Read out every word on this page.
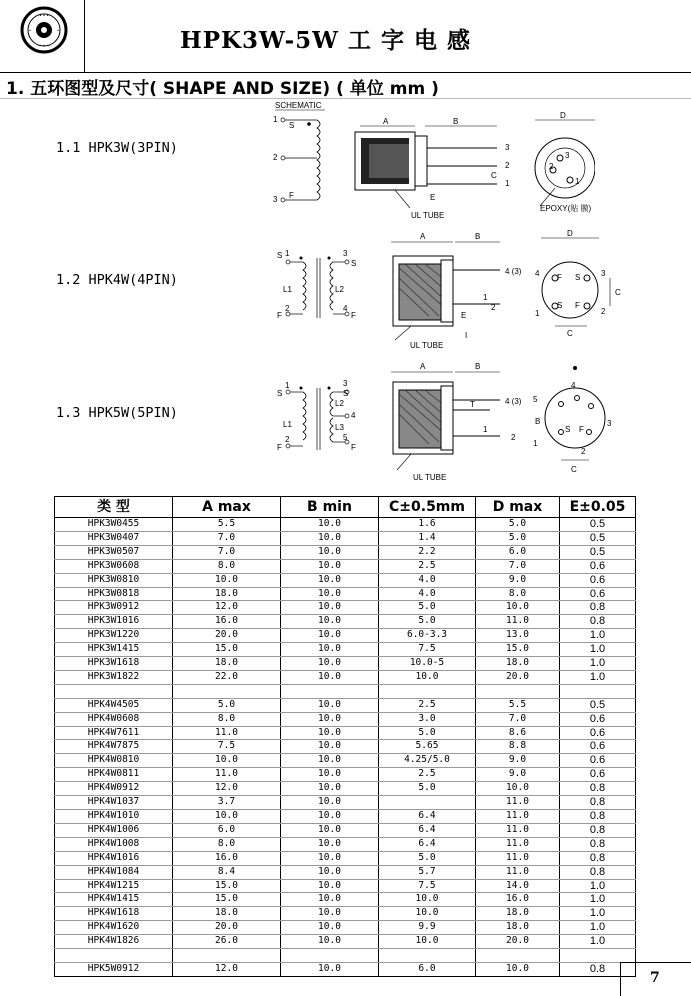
• • •
• • •
•	•	HPK3W-5W 工 字 电 感
1. 五环图型及尺寸( SHAPE AND SIZE) ( 单位 mm )
1.1 HPK3W(3PIN)
1.2 HPK4W(4PIN)
1.3 HPK5W(5PIN)
SCHEMATIC
1
S
2
3 F
A	B
3
2
1
C
E
UL TUBE
3
2
1
D
EPOXY(贴 膜)
S 1
F
2
L1
3
S
4
F
L2
A	B
4 (3)
1
2
E
I
UL TUBE
F S
S F
4	3
1	2
D
C
C
S
1
F
2
L1
3
S
4
L2
L3
5
F
A	B
4 (3)
T
1
2
UL TUBE
S F
5
4
3
1
2
B
C
类 型	A max	B min	C±0.5mm	D max	E±0.05
HPK3W0455	5.5	10.0	1.6	5.0	0.5
HPK3W0407	7.0	10.0	1.4	5.0	0.5
HPK3W0507	7.0	10.0	2.2	6.0	0.5
HPK3W0608	8.0	10.0	2.5	7.0	0.6
HPK3W0810	10.0	10.0	4.0	9.0	0.6
HPK3W0818	18.0	10.0	4.0	8.0	0.6
HPK3W0912	12.0	10.0	5.0	10.0	0.8
HPK3W1016	16.0	10.0	5.0	11.0	0.8
HPK3W1220	20.0	10.0	6.0-3.3	13.0	1.0
HPK3W1415	15.0	10.0	7.5	15.0	1.0
HPK3W1618	18.0	10.0	10.0-5	18.0	1.0
HPK3W1822	22.0	10.0	10.0	20.0	1.0

HPK4W4505	5.0	10.0	2.5	5.5	0.5
HPK4W0608	8.0	10.0	3.0	7.0	0.6
HPK4W7611	11.0	10.0	5.0	8.6	0.6
HPK4W7875	7.5	10.0	5.65	8.8	0.6
HPK4W0810	10.0	10.0	4.25/5.0	9.0	0.6
HPK4W0811	11.0	10.0	2.5	9.0	0.6
HPK4W0912	12.0	10.0	5.0	10.0	0.8
HPK4W1037	3.7	10.0		11.0	0.8
HPK4W1010	10.0	10.0	6.4	11.0	0.8
HPK4W1006	6.0	10.0	6.4	11.0	0.8
HPK4W1008	8.0	10.0	6.4	11.0	0.8
HPK4W1016	16.0	10.0	5.0	11.0	0.8
HPK4W1084	8.4	10.0	5.7	11.0	0.8
HPK4W1215	15.0	10.0	7.5	14.0	1.0
HPK4W1415	15.0	10.0	10.0	16.0	1.0
HPK4W1618	18.0	10.0	10.0	18.0	1.0
HPK4W1620	20.0	10.0	9.9	18.0	1.0
HPK4W1826	26.0	10.0	10.0	20.0	1.0

HPK5W0912	12.0	10.0	6.0	10.0	0.8
7
